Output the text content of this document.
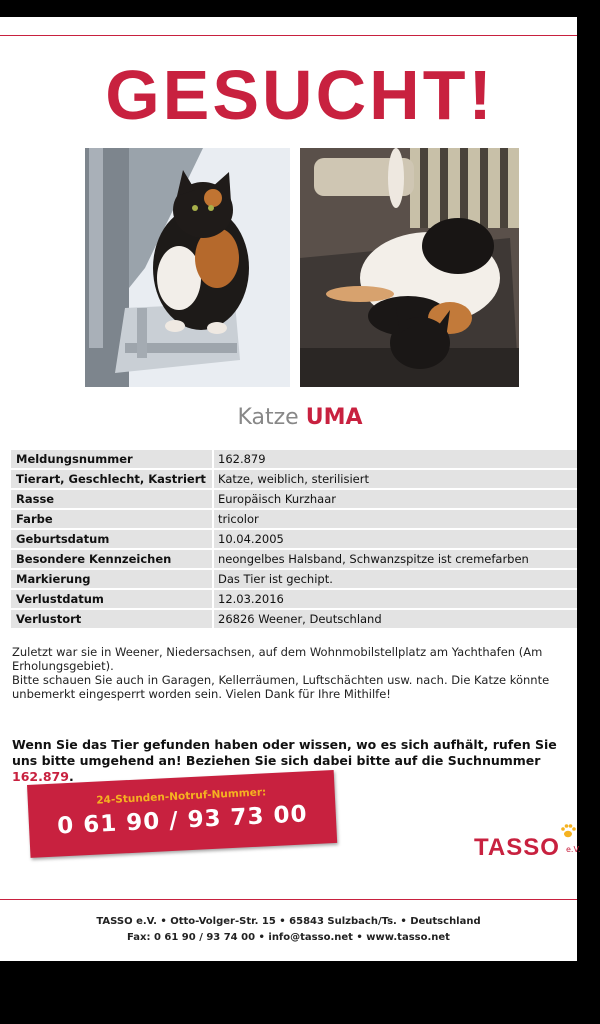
GESUCHT!
Katze UMA
Meldungsnummer	162.879
Tierart, Geschlecht, Kastriert	Katze, weiblich, sterilisiert
Rasse	Europäisch Kurzhaar
Farbe	tricolor
Geburtsdatum	10.04.2005
Besondere Kennzeichen	neongelbes Halsband, Schwanzspitze ist cremefarben
Markierung	Das Tier ist gechipt.
Verlustdatum	12.03.2016
Verlustort	26826 Weener, Deutschland

Zuletzt war sie in Weener, Niedersachsen, auf dem Wohnmobilstellplatz am Yachthafen (Am Erholungsgebiet).

Bitte schauen Sie auch in Garagen, Kellerräumen, Luftschächten usw. nach. Die Katze könnte unbemerkt eingesperrt worden sein. Vielen Dank für Ihre Mithilfe!

Wenn Sie das Tier gefunden haben oder wissen, wo es sich aufhält, rufen Sie uns bitte umgehend an! Beziehen Sie sich dabei bitte auf die Suchnummer 162.879.
24-Stunden-Notruf-Nummer:
0 61 90 / 93 73 00
TASSO e.V.
TASSO e.V. • Otto-Volger-Str. 15 • 65843 Sulzbach/Ts. • Deutschland
Fax: 0 61 90 / 93 74 00 • info@tasso.net • www.tasso.net
